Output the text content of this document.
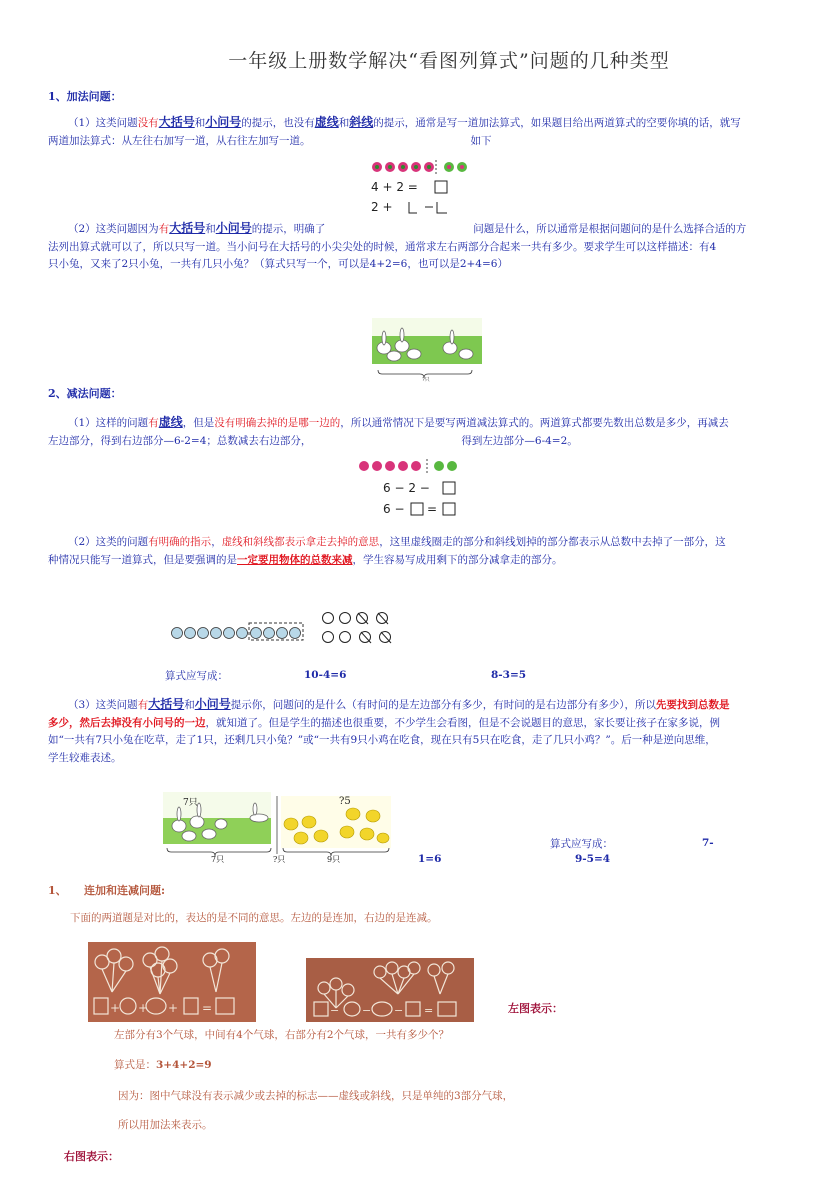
一年级上册数学解决“看图列算式”问题的几种类型
1、加法问题：
（1）这类问题没有大括号和小问号的提示，也没有虚线和斜线的提示，通常是写一道加法算式，如果题目给出两道算式的空要你填的话，就写
两道加法算式：从左往右加写一道，从右往左加写一道。	如下
4 + 2 =
2 +
（2）这类问题因为有大括号和小问号的提示，明确了	问题是什么，所以通常是根据问题问的是什么选择合适的方
法列出算式就可以了，所以只写一道。当小问号在大括号的小尖尖处的时候，通常求左右两部分合起来一共有多少。要求学生可以这样描述：有4
只小兔，又来了2只小兔，一共有几只小兔？（算式只写一个，可以是4+2=6，也可以是2+4=6）
?只
2、减法问题：
（1）这样的问题有虚线，但是没有明确去掉的是哪一边的，所以通常情况下是要写两道减法算式的。两道算式都要先数出总数是多少，再减去
左边部分，得到右边部分—6-2=4；总数减去右边部分，	得到左边部分—6-4=2。
6 − 2 −
6 − =
（2）这类的问题有明确的指示，虚线和斜线都表示拿走去掉的意思，这里虚线圈走的部分和斜线划掉的部分都表示从总数中去掉了一部分，这
种情况只能写一道算式，但是要强调的是一定要用物体的总数来减，学生容易写成用剩下的部分减拿走的部分。
算式应写成：	10-4=6	8-3=5
（3）这类问题有大括号和小问号提示你，问题问的是什么（有时问的是左边部分有多少，有时问的是右边部分有多少），所以先要找到总数是
多少，然后去掉没有小问号的一边，就知道了。但是学生的描述也很重要，不少学生会看图，但是不会说题目的意思，家长要让孩子在家多说，例
如“一共有7只小兔在吃草，走了1只，还剩几只小兔？”或“一共有9只小鸡在吃食，现在只有5只在吃食，走了几只小鸡？”。后一种是逆向思维，
学生较难表述。
7只
7只
?5
?只	9只
算式应写成：	7-
1=6	9-5=4
1、 连加和连减问题:
下面的两道题是对比的，表达的是不同的意思。左边的是连加，右边的是连减。
+ + + =	− − − =	左图表示：
左部分有3个气球，中间有4个气球，右部分有2个气球，一共有多少个？
算式是：3+4+2=9
因为：图中气球没有表示减少或去掉的标志——虚线或斜线，只是单纯的3部分气球，
所以用加法来表示。
右图表示：
